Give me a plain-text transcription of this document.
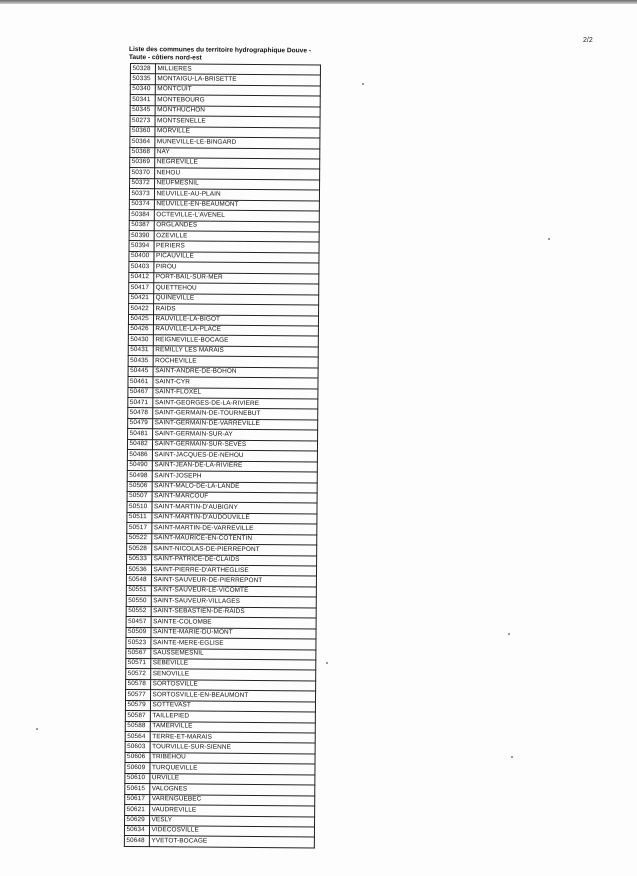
2/2
Liste des communes du territoire hydrographique Douve - Taute - côtiers nord-est
50328	MILLIERES
50335	MONTAIGU-LA-BRISETTE
50340	MONTCUIT
50341	MONTEBOURG
50345	MONTHUCHON
50273	MONTSENELLE
50360	MORVILLE
50364	MUNEVILLE-LE-BINGARD
50368	NAY
50369	NEGREVILLE
50370	NEHOU
50372	NEUFMESNIL
50373	NEUVILLE-AU-PLAIN
50374	NEUVILLE-EN-BEAUMONT
50384	OCTEVILLE-L'AVENEL
50387	ORGLANDES
50390	OZEVILLE
50394	PERIERS
50400	PICAUVILLE
50403	PIROU
50412	PORT-BAIL-SUR-MER
50417	QUETTEHOU
50421	QUINEVILLE
50422	RAIDS
50425	RAUVILLE-LA-BIGOT
50426	RAUVILLE-LA-PLACE
50430	REIGNEVILLE-BOCAGE
50431	REMILLY LES MARAIS
50435	ROCHEVILLE
50445	SAINT-ANDRE-DE-BOHON
50461	SAINT-CYR
50467	SAINT-FLOXEL
50471	SAINT-GEORGES-DE-LA-RIVIERE
50478	SAINT-GERMAIN-DE-TOURNEBUT
50479	SAINT-GERMAIN-DE-VARREVILLE
50481	SAINT-GERMAIN-SUR-AY
50482	SAINT-GERMAIN-SUR-SEVES
50486	SAINT-JACQUES-DE-NEHOU
50490	SAINT-JEAN-DE-LA-RIVIERE
50498	SAINT-JOSEPH
50506	SAINT-MALO-DE-LA-LANDE
50507	SAINT-MARCOUF
50510	SAINT-MARTIN-D'AUBIGNY
50511	SAINT-MARTIN-D'AUDOUVILLE
50517	SAINT-MARTIN-DE-VARREVILLE
50522	SAINT-MAURICE-EN-COTENTIN
50528	SAINT-NICOLAS-DE-PIERREPONT
50533	SAINT-PATRICE-DE-CLAIDS
50536	SAINT-PIERRE-D'ARTHEGLISE
50548	SAINT-SAUVEUR-DE-PIERREPONT
50551	SAINT-SAUVEUR-LE-VICOMTE
50550	SAINT-SAUVEUR-VILLAGES
50552	SAINT-SEBASTIEN-DE-RAIDS
50457	SAINTE-COLOMBE
50509	SAINTE-MARIE-DU-MONT
50523	SAINTE-MERE-EGLISE
50567	SAUSSEMESNIL
50571	SEBEVILLE
50572	SENOVILLE
50578	SORTOSVILLE
50577	SORTOSVILLE-EN-BEAUMONT
50579	SOTTEVAST
50587	TAILLEPIED
50588	TAMERVILLE
50564	TERRE-ET-MARAIS
50603	TOURVILLE-SUR-SIENNE
50606	TRIBEHOU
50609	TURQUEVILLE
50610	URVILLE
50615	VALOGNES
50617	VARENGUEBEC
50621	VAUDREVILLE
50629	VESLY
50634	VIDECOSVILLE
50648	YVETOT-BOCAGE
